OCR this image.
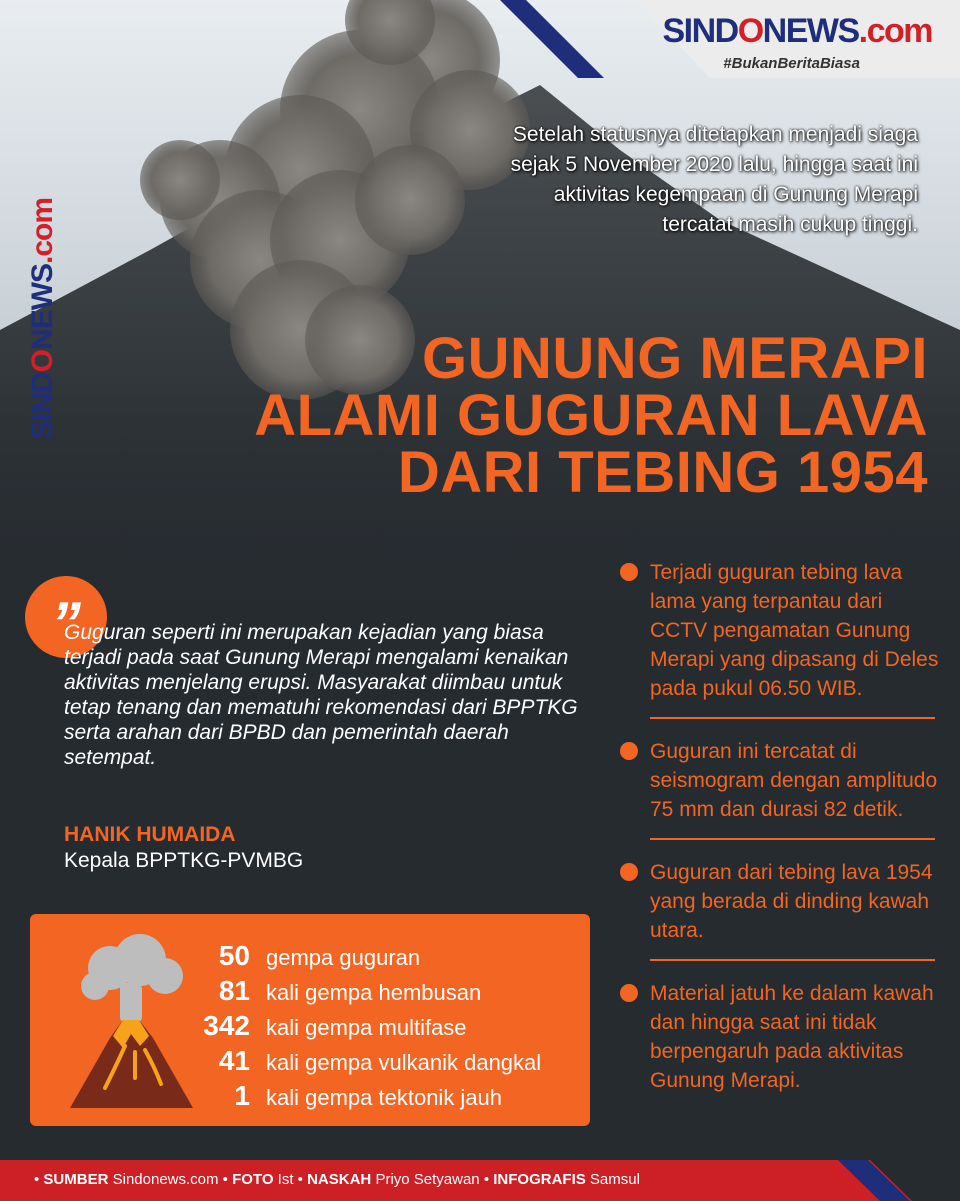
SINDONEWS.com
#BukanBeritaBiasa
SINDONEWS.com
Setelah statusnya ditetapkan menjadi siaga sejak 5 November 2020 lalu, hingga saat ini aktivitas kegempaan di Gunung Merapi tercatat masih cukup tinggi.
GUNUNG MERAPI
ALAMI GUGURAN LAVA
DARI TEBING 1954
”

Guguran seperti ini merupakan kejadian yang biasa terjadi pada saat Gunung Merapi mengalami kenaikan aktivitas menjelang erupsi. Masyarakat diimbau untuk tetap tenang dan mematuhi rekomendasi dari BPPTKG serta arahan dari BPBD dan pemerintah daerah setempat.

HANIK HUMAIDA
Kepala BPPTKG-PVMBG
50 gempa guguran
81 kali gempa hembusan
342 kali gempa multifase
41 kali gempa vulkanik dangkal
1 kali gempa tektonik jauh
Terjadi guguran tebing lava lama yang terpantau dari CCTV pengamatan Gunung Merapi yang dipasang di Deles pada pukul 06.50 WIB.
Guguran ini tercatat di seismogram dengan amplitudo 75 mm dan durasi 82 detik.
Guguran dari tebing lava 1954 yang berada di dinding kawah utara.
Material jatuh ke dalam kawah dan hingga saat ini tidak berpengaruh pada aktivitas Gunung Merapi.
• SUMBER Sindonews.com • FOTO Ist • NASKAH Priyo Setyawan • INFOGRAFIS Samsul
